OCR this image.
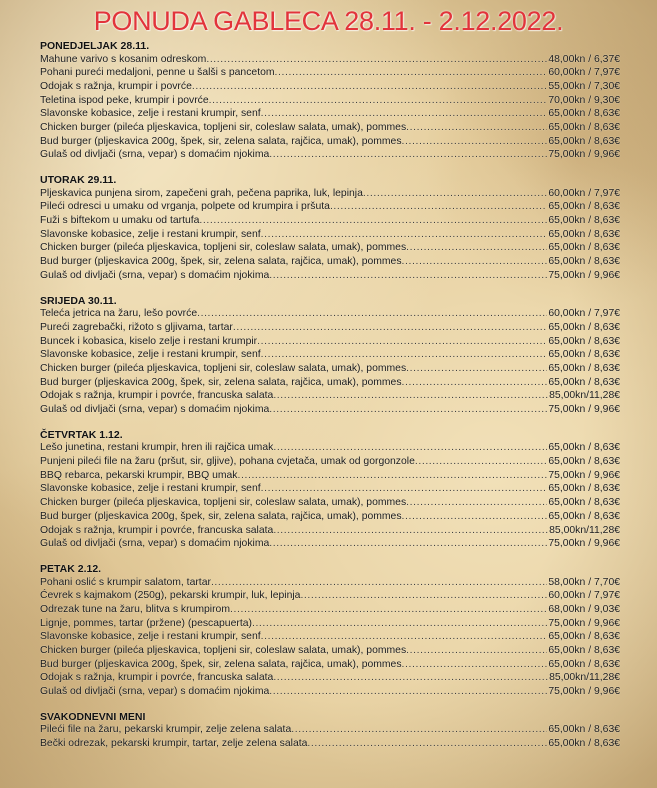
PONUDA GABLECA 28.11. - 2.12.2022.
PONEDJELJAK 28.11.
Mahune varivo s kosanim odreskom .....	48,00kn / 6,37€
Pohani pureći medaljoni, penne u šalši s pancetom .....	60,00kn / 7,97€
Odojak s ražnja, krumpir i povrće .....	55,00kn / 7,30€
Teletina ispod peke, krumpir i povrće .....	70,00kn / 9,30€
Slavonske kobasice, zelje i restani krumpir, senf .....	65,00kn / 8,63€
Chicken burger (pileća pljeskavica, topljeni sir, coleslaw salata, umak), pommes .....	65,00kn / 8,63€
Bud burger (pljeskavica 200g, špek, sir, zelena salata, rajčica, umak), pommes .....	65,00kn / 8,63€
Gulaš od divljači (srna, vepar) s domaćim njokima .....	75,00kn / 9,96€
UTORAK 29.11.
Pljeskavica punjena sirom, zapečeni grah, pečena paprika, luk, lepinja .....	60,00kn / 7,97€
Pileći odresci u umaku od vrganja, polpete od krumpira i pršuta .....	65,00kn / 8,63€
Fuži s biftekom u umaku od tartufa .....	65,00kn / 8,63€
Slavonske kobasice, zelje i restani krumpir, senf .....	65,00kn / 8,63€
Chicken burger (pileća pljeskavica, topljeni sir, coleslaw salata, umak), pommes .....	65,00kn / 8,63€
Bud burger (pljeskavica 200g, špek, sir, zelena salata, rajčica, umak), pommes .....	65,00kn / 8,63€
Gulaš od divljači (srna, vepar) s domaćim njokima .....	75,00kn / 9,96€
SRIJEDA 30.11.
Teleća jetrica na žaru, lešo povrće .....	60,00kn / 7,97€
Pureći zagrebački, rižoto s gljivama, tartar .....	65,00kn / 8,63€
Buncek i kobasica, kiselo zelje i restani krumpir .....	65,00kn / 8,63€
Slavonske kobasice, zelje i restani krumpir, senf .....	65,00kn / 8,63€
Chicken burger (pileća pljeskavica, topljeni sir, coleslaw salata, umak), pommes .....	65,00kn / 8,63€
Bud burger (pljeskavica 200g, špek, sir, zelena salata, rajčica, umak), pommes .....	65,00kn / 8,63€
Odojak s ražnja, krumpir i povrće, francuska salata .....	85,00kn/11,28€
Gulaš od divljači (srna, vepar) s domaćim njokima .....	75,00kn / 9,96€
ČETVRTAK 1.12.
Lešo junetina, restani krumpir, hren ili rajčica umak .....	65,00kn / 8,63€
Punjeni pileći file na žaru (pršut, sir, gljive), pohana cvjetača, umak od gorgonzole .....	65,00kn / 8,63€
BBQ rebarca, pekarski krumpir, BBQ umak .....	75,00kn / 9,96€
Slavonske kobasice, zelje i restani krumpir, senf .....	65,00kn / 8,63€
Chicken burger (pileća pljeskavica, topljeni sir, coleslaw salata, umak), pommes .....	65,00kn / 8,63€
Bud burger (pljeskavica 200g, špek, sir, zelena salata, rajčica, umak), pommes .....	65,00kn / 8,63€
Odojak s ražnja, krumpir i povrće, francuska salata .....	85,00kn/11,28€
Gulaš od divljači (srna, vepar) s domaćim njokima .....	75,00kn / 9,96€
PETAK 2.12.
Pohani oslić s krumpir salatom, tartar .....	58,00kn / 7,70€
Ćevrek s kajmakom (250g), pekarski krumpir, luk, lepinja .....	60,00kn / 7,97€
Odrezak tune na žaru, blitva s krumpirom .....	68,00kn / 9,03€
Lignje, pommes, tartar (pržene) (pescapuerta) .....	75,00kn / 9,96€
Slavonske kobasice, zelje i restani krumpir, senf .....	65,00kn / 8,63€
Chicken burger (pileća pljeskavica, topljeni sir, coleslaw salata, umak), pommes .....	65,00kn / 8,63€
Bud burger (pljeskavica 200g, špek, sir, zelena salata, rajčica, umak), pommes .....	65,00kn / 8,63€
Odojak s ražnja, krumpir i povrće, francuska salata .....	85,00kn/11,28€
Gulaš od divljači (srna, vepar) s domaćim njokima .....	75,00kn / 9,96€
SVAKODNEVNI MENI
Pileći file na žaru, pekarski krumpir, zelje zelena salata .....	65,00kn / 8,63€
Bečki odrezak, pekarski krumpir, tartar, zelje zelena salata .....	65,00kn / 8,63€
